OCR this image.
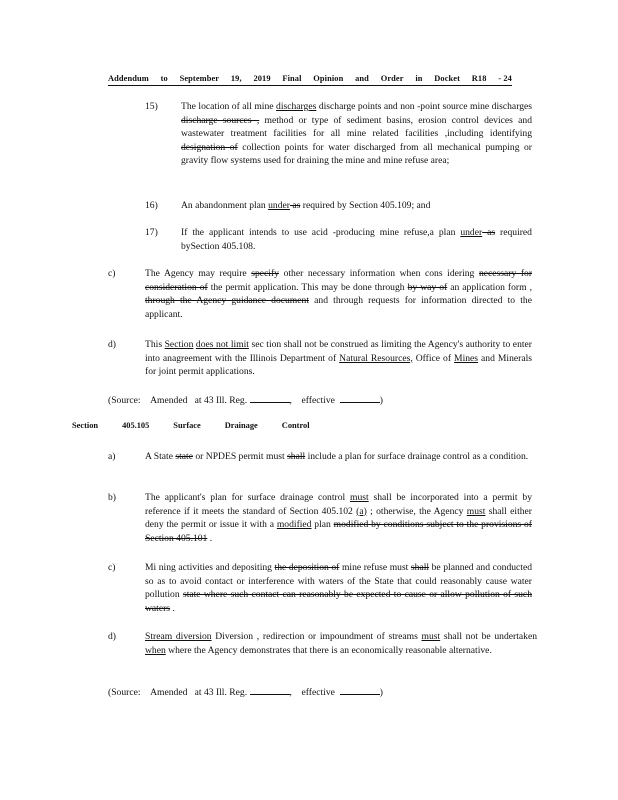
Addendum to September 19, 2019 Final Opinion and Order in Docket R18 - 24
15) The location of all mine discharges discharge points and non -point source mine discharges discharge sources , method or type of sediment basins, erosion control devices and wastewater treatment facilities for all mine related facilities ,including identifying designation of collection points for water discharged from all mechanical pumping or gravity flow systems used for draining the mine and mine refuse area;
16) An abandonment plan under as required by Section 405.109; and
17) If the applicant intends to use acid -producing mine refuse,a plan under as required bySection 405.108.
c)	The Agency may require specify other necessary information when cons idering necessary for consideration of the permit application. This may be done through by way of an application form , through the Agency guidance document and through requests for information directed to the applicant.
d)	This Section does not limit sec tion shall not be construed as limiting the Agency's authority to enter into anagreement with the Illinois Department of Natural Resources, Office of Mines and Minerals for joint permit applications.
(Source: Amended at 43 Ill. Reg.	, effective	)
Section	405.105	Surface	Drainage	Control
a)	A State state or NPDES permit must shall include a plan for surface drainage control as a condition.
b)	The applicant's plan for surface drainage control must shall be incorporated into a permit by reference if it meets the standard of Section 405.102 (a) ; otherwise, the Agency must shall either deny the permit or issue it with a modified plan modified by conditions subject to the provisions of Section 405.101 .
c)	Mi ning activities and depositing the deposition of mine refuse must shall be planned and conducted so as to avoid contact or interference with waters of the State that could reasonably cause water pollution state where such contact can reasonably be expected to cause or allow pollution of such waters .
d)	Stream diversion Diversion , redirection or impoundment of streams must shall not be undertaken when where the Agency demonstrates that there is an economically reasonable alternative.
(Source: Amended at 43 Ill. Reg.	, effective	)
